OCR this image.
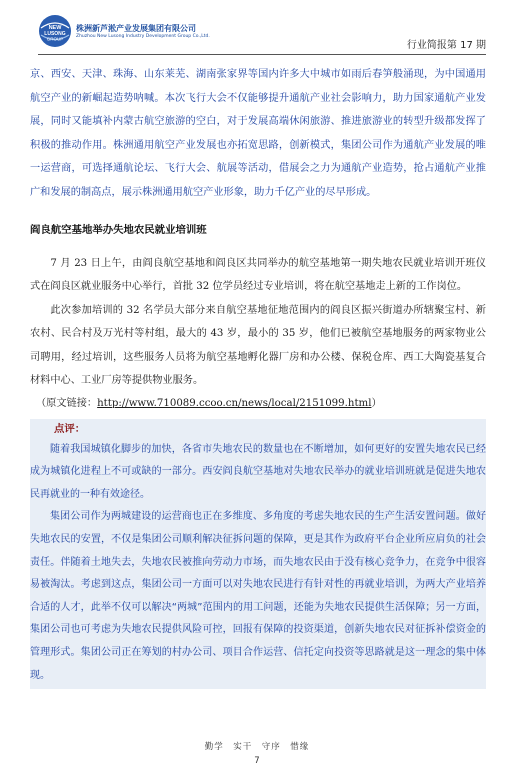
NEW
LUSONG
GROUP
株洲新芦淞产业发展集团有限公司
Zhuzhou New Lusong Industry Development Group Co.,Ltd.
行业简报第 17 期

京、西安、天津、珠海、山东莱芜、湖南张家界等国内许多大中城市如雨后春笋般涌现，为中国通用航空产业的新崛起造势呐喊。本次飞行大会不仅能够提升通航产业社会影响力，助力国家通航产业发展，同时又能填补内蒙古航空旅游的空白，对于发展高端休闲旅游、推进旅游业的转型升级都发挥了积极的推动作用。株洲通用航空产业发展也亦拓宽思路，创新模式，集团公司作为通航产业发展的唯一运营商，可选择通航论坛、飞行大会、航展等活动，借展会之力为通航产业造势，抢占通航产业推广和发展的制高点，展示株洲通用航空产业形象，助力千亿产业的尽早形成。

阎良航空基地举办失地农民就业培训班

7 月 23 日上午，由阎良航空基地和阎良区共同举办的航空基地第一期失地农民就业培训开班仪式在阎良区就业服务中心举行，首批 32 位学员经过专业培训，将在航空基地走上新的工作岗位。

此次参加培训的 32 名学员大部分来自航空基地征地范围内的阎良区振兴街道办所辖聚宝村、新农村、民合村及万光村等村组，最大的 43 岁，最小的 35 岁，他们已被航空基地服务的两家物业公司聘用，经过培训，这些服务人员将为航空基地孵化器厂房和办公楼、保税仓库、西工大陶瓷基复合材料中心、工业厂房等提供物业服务。

（原文链接：http://www.710089.ccoo.cn/news/local/2151099.html）

点评：

随着我国城镇化脚步的加快，各省市失地农民的数量也在不断增加，如何更好的安置失地农民已经成为城镇化进程上不可或缺的一部分。西安阎良航空基地对失地农民举办的就业培训班就是促进失地农民再就业的一种有效途径。

集团公司作为两城建设的运营商也正在多维度、多角度的考虑失地农民的生产生活安置问题。做好失地农民的安置，不仅是集团公司顺利解决征拆问题的保障，更是其作为政府平台企业所应肩负的社会责任。伴随着土地失去，失地农民被推向劳动力市场，而失地农民由于没有核心竞争力，在竞争中很容易被淘汰。考虑到这点，集团公司一方面可以对失地农民进行有针对性的再就业培训，为两大产业培养合适的人才，此举不仅可以解决“两城”范围内的用工问题，还能为失地农民提供生活保障；另一方面，集团公司也可考虑为失地农民提供风险可控，回报有保障的投资渠道，创新失地农民对征拆补偿资金的管理形式。集团公司正在筹划的村办公司、项目合作运营、信托定向投资等思路就是这一理念的集中体现。

勤学　实干　守序　惜缘
7
